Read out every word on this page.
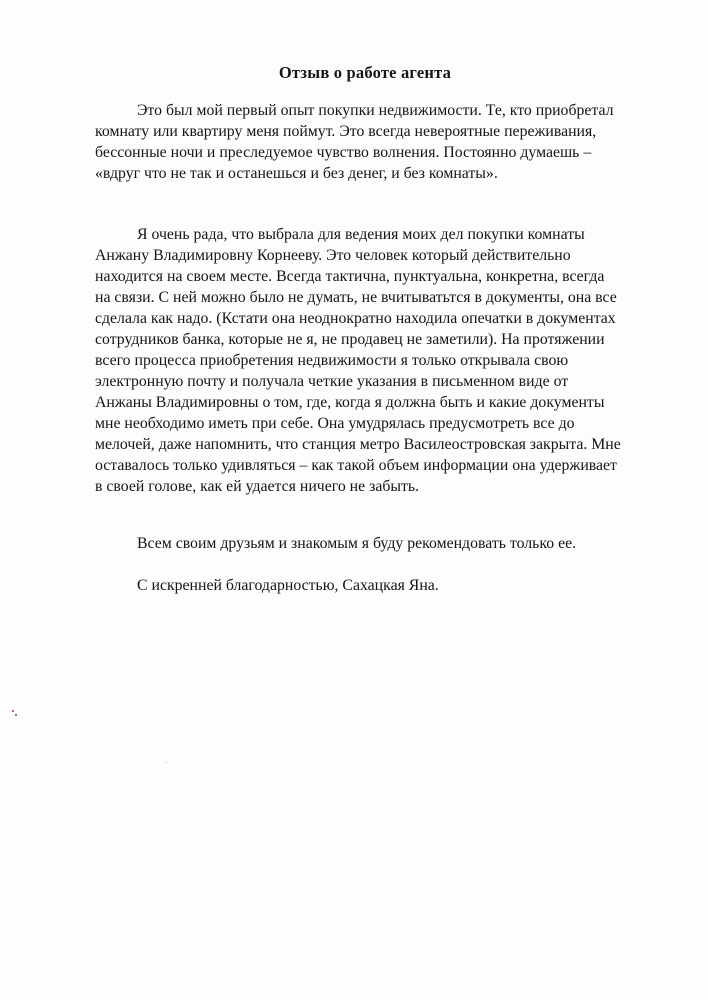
Отзыв о работе агента
Это был мой первый опыт покупки недвижимости. Те, кто приобретал
комнату или квартиру меня поймут. Это всегда невероятные переживания,
бессонные ночи и преследуемое чувство волнения. Постоянно думаешь –
«вдруг что не так и останешься и без денег, и без комнаты».
Я очень рада, что выбрала для ведения моих дел покупки комнаты
Анжану Владимировну Корнееву. Это человек который действительно
находится на своем месте. Всегда тактична, пунктуальна, конкретна, всегда
на связи. С ней можно было не думать, не вчитыватьтся в документы, она все
сделала как надо. (Кстати она неоднократно находила опечатки в документах
сотрудников банка, которые не я, не продавец не заметили). На протяжении
всего процесса приобретения недвижимости я только открывала свою
электронную почту и получала четкие указания в письменном виде от
Анжаны Владимировны о том, где, когда я должна быть и какие документы
мне необходимо иметь при себе. Она умудрялась предусмотреть все до
мелочей, даже напомнить, что станция метро Василеостровская закрыта. Мне
оставалось только удивляться – как такой объем информации она удерживает
в своей голове, как ей удается ничего не забыть.
Всем своим друзьям и знакомым я буду рекомендовать только ее.
С искренней благодарностью, Сахацкая Яна.
